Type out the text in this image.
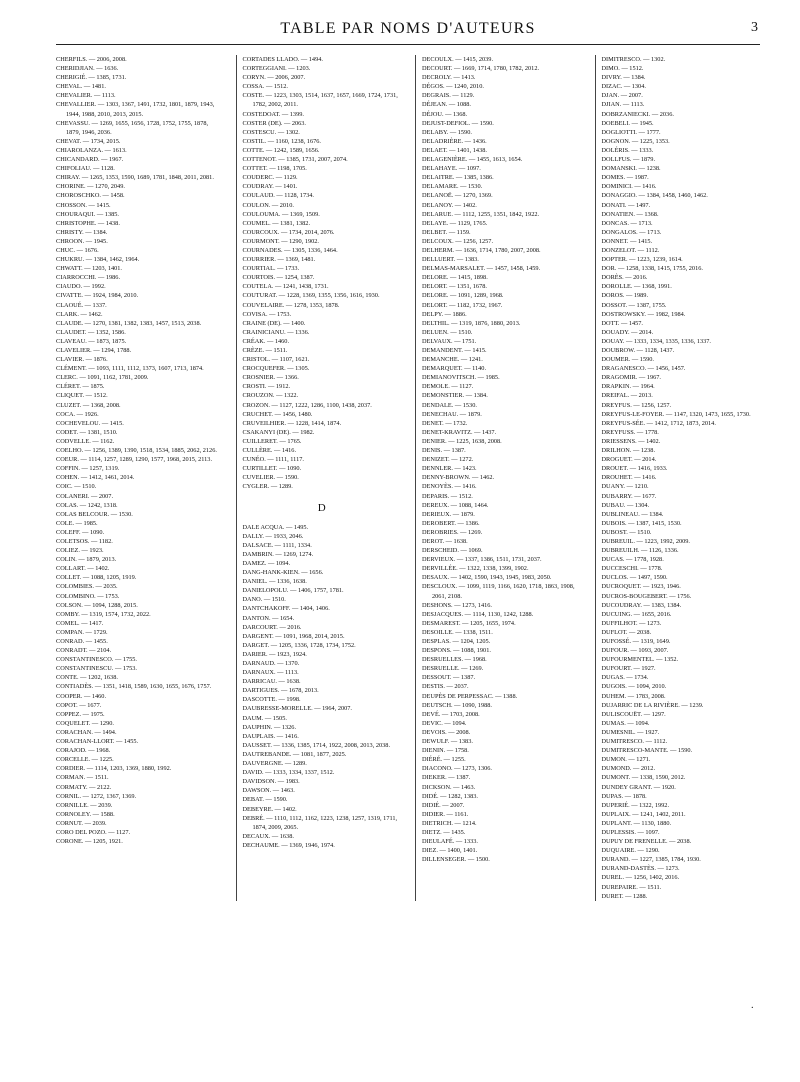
TABLE PAR NOMS D'AUTEURS	3

CHERFILS. — 2006, 2008.

CHERIDJIAN. — 1636.

CHERIGIÉ. — 1385, 1731.

CHEVAL. — 1481.

CHEVALIER. — 1113.

CHEVALLIER. — 1303, 1367, 1491, 1732, 1801, 1879, 1943, 1944, 1988, 2010, 2013, 2015.

CHEVASSU. — 1269, 1655, 1656, 1728, 1752, 1755, 1878, 1879, 1946, 2036.

CHEVAT. — 1734, 2015.

CHIAROLANZA. — 1613.

CHICANDARD. — 1967.

CHIFOLIAU. — 1128.

CHIRAY. — 1265, 1353, 1590, 1689, 1781, 1848, 2011, 2081.

CHORINE. — 1270, 2049.

CHOROSCHKO. — 1458.

CHOSSON. — 1415.

CHOURAQUI. — 1385.

CHRISTOPHE. — 1438.

CHRISTY. — 1384.

CHROON. — 1945.

CHUC. — 1676.

CHUKRU. — 1384, 1462, 1964.

CHWATT. — 1203, 1401.

CIARROCCHI. — 1986.

CIAUDO. — 1992.

CIVATTE. — 1924, 1984, 2010.

CLAOUÉ. — 1337.

CLARK. — 1462.

CLAUDE. — 1270, 1381, 1382, 1383, 1457, 1513, 2038.

CLAUDET. — 1352, 1586.

CLAVEAU. — 1873, 1875.

CLAVELIER. — 1294, 1788.

CLAVIER. — 1876.

CLÉMENT. — 1093, 1111, 1112, 1373, 1607, 1713, 1874.

CLERC. — 1091, 1162, 1781, 2009.

CLÉRET. — 1875.

CLIQUET. — 1512.

CLUZET. — 1368, 2008.

COCA. — 1926.

COCHEVELOU. — 1415.

CODET. — 1381, 1510.

CODVELLE. — 1162.

COELHO. — 1256, 1389, 1390, 1518, 1534, 1885, 2062, 2126.

COEUR. — 1114, 1257, 1289, 1290, 1577, 1968, 2015, 2113.

COFFIN. — 1257, 1319.

COHEN. — 1412, 1461, 2014.

COIC. — 1510.

COLANERI. — 2007.

COLAS. — 1242, 1318.

COLAS BELCOUR. — 1530.

COLE. — 1985.

COLEFF. — 1090.

COLETSOS. — 1182.

COLIEZ. — 1923.

COLIN. — 1879, 2013.

COLLART. — 1402.

COLLET. — 1088, 1205, 1919.

COLOMBIES. — 2035.

COLOMBINO. — 1753.

COLSON. — 1094, 1288, 2015.

COMBY. — 1319, 1574, 1732, 2022.

COMEL. — 1417.

COMPAN. — 1729.

CONRAD. — 1455.

CONRADT. — 2104.

CONSTANTINESCO. — 1755.

CONSTANTINESCU. — 1753.

CONTE. — 1202, 1638.

CONTIADÈS. — 1351, 1418, 1589, 1630, 1655, 1676, 1757.

COOPER. — 1460.

COPOT. — 1677.

COPPEZ. — 1975.

COQUELET. — 1290.

CORACHAN. — 1494.

CORACHAN-LLORT. — 1455.

CORAJOD. — 1968.

CORCELLE. — 1225.

CORDIER. — 1114, 1203, 1369, 1880, 1992.

CORMAN. — 1511.

CORMATY. — 2122.

CORNIL. — 1272, 1367, 1369.

CORNILLE. — 2039.

CORNOLEY. — 1588.

CORNUT. — 2039.

CORO DEL POZO. — 1127.

CORONE. — 1205, 1921.

CORTADES LLADO. — 1494.

CORTEGGIANI. — 1203.

CORYN. — 2006, 2007.

COSSA. — 1512.

COSTE. — 1223, 1303, 1514, 1637, 1657, 1669, 1724, 1731, 1782, 2002, 2011.

COSTEDOAT. — 1399.

COSTER (DE). — 2063.

COSTESCU. — 1302.

COSTIL. — 1160, 1238, 1676.

COTTE. — 1242, 1589, 1656.

COTTENOT. — 1385, 1731, 2007, 2074.

COTTET. — 1198, 1705.

COUDERC. — 1129.

COUDRAY. — 1401.

COULAUD. — 1128, 1734.

COULON. — 2010.

COULOUMA. — 1369, 1509.

COUMEL. — 1381, 1382.

COURCOUX. — 1734, 2014, 2076.

COURMONT. — 1290, 1902.

COURNADES. — 1305, 1336, 1464.

COURRIER. — 1369, 1481.

COURTIAL. — 1733.

COURTOIS. — 1254, 1387.

COUTELA. — 1241, 1438, 1731.

COUTURAT. — 1228, 1369, 1355, 1356, 1616, 1930.

COUVELAIRE. — 1278, 1353, 1878.

COVISA. — 1753.

CRAINE (DE). — 1400.

CRAINICIANU. — 1336.

CRÉAK. — 1460.

CRÈZE. — 1511.

CRISTOL. — 1107, 1621.

CROCQUEFER. — 1305.

CROSNIER. — 1366.

CROSTI. — 1912.

CROUZON. — 1322.

CROZON. — 1127, 1222, 1286, 1100, 1438, 2037.

CRUCHET. — 1456, 1480.

CRUVEILHIER. — 1228, 1414, 1874.

CSAKANYI (DE). — 1982.

CUILLERET. — 1765.

CULLÈRE. — 1416.

CUNÉO. — 1111, 1117.

CURTILLET. — 1090.

CUVELIER. — 1590.

CYGLER. — 1289.

D

DALE ACQUA. — 1495.

DALLY. — 1933, 2046.

DALSACE. — 1111, 1334.

DAMBRIN. — 1269, 1274.

DAMEZ. — 1094.

DANG-HANK-KIEN. — 1656.

DANIEL. — 1336, 1638.

DANIELOPOLU. — 1406, 1757, 1781.

DANO. — 1510.

DANTCHAKOFF. — 1404, 1406.

DANTON. — 1654.

DARCOURT. — 2016.

DARGENT. — 1091, 1968, 2014, 2015.

DARGET. — 1205, 1336, 1728, 1734, 1752.

DARIER. — 1923, 1924.

DARNAUD. — 1370.

DARNAUX. — 1113.

DARRICAU. — 1638.

DARTIGUES. — 1678, 2013.

DASCOTTE. — 1998.

DAUBRESSE-MORELLE. — 1964, 2007.

DAUM. — 1505.

DAUPHIN. — 1326.

DAUPLAIS. — 1416.

DAUSSET. — 1336, 1385, 1714, 1922, 2008, 2013, 2038.

DAUTREBANDE. — 1081, 1877, 2025.

DAUVERGNE. — 1289.

DAVID. — 1333, 1334, 1337, 1512.

DAVIDSON. — 1983.

DAWSON. — 1463.

DEBAT. — 1590.

DEBEYRE. — 1402.

DEBRÉ. — 1110, 1112, 1162, 1223, 1238, 1257, 1319, 1711, 1874, 2009, 2065.

DECAUX. — 1638.

DECHAUME. — 1369, 1946, 1974.

DECOULX. — 1415, 2039.

DECOURT. — 1669, 1714, 1780, 1782, 2012.

DECROLY. — 1413.

DÉGOS. — 1240, 2010.

DEGRAIS. — 1129.

DÉJEAN. — 1088.

DÉJOU. — 1368.

DEJUST-DEFIOL. — 1590.

DELABY. — 1590.

DELADRIÈRE. — 1436.

DELAET. — 1401, 1438.

DELAGENIÈRE. — 1455, 1613, 1654.

DELAHAYE. — 1097.

DELAITRE. — 1385, 1386.

DELAMARE. — 1530.

DELANOË. — 1270, 1369.

DELANOY. — 1402.

DELARUE. — 1112, 1255, 1351, 1842, 1922.

DELAYE. — 1129, 1765.

DELBET. — 1159.

DELCOUX. — 1256, 1257.

DELHERM. — 1636, 1714, 1780, 2007, 2008.

DELLUERT. — 1383.

DELMAS-MARSALET. — 1457, 1458, 1459.

DELORE. — 1415, 1898.

DELORT. — 1351, 1678.

DELORE. — 1091, 1289, 1968.

DELORT. — 1182, 1732, 1967.

DELPY. — 1886.

DELTHIL. — 1319, 1876, 1880, 2013.

DELUEN. — 1510.

DELVAUX. — 1751.

DEMANDENT. — 1415.

DEMANCHE. — 1241.

DEMARQUET. — 1140.

DEMIANOVITSCH. — 1985.

DEMOLE. — 1127.

DEMONSTIER. — 1384.

DENDALE. — 1530.

DENECHAU. — 1879.

DENET. — 1732.

DENET-KRAVITZ. — 1437.

DENIER. — 1225, 1638, 2008.

DENIS. — 1387.

DENIZET. — 1272.

DENNLER. — 1423.

DENNY-BROWN. — 1462.

DENOYÈS. — 1416.

DEPARIS. — 1512.

DEREUX. — 1088, 1464.

DERIEUX. — 1879.

DEROBERT. — 1386.

DEROBRIES. — 1269.

DEROT. — 1638.

DERSCHEID. — 1069.

DERVIEUX. — 1337, 1386, 1511, 1731, 2037.

DERVILLÉE. — 1322, 1338, 1399, 1902.

DESAUX. — 1402, 1590, 1943, 1945, 1983, 2050.

DESCLOUX. — 1099, 1119, 1166, 1620, 1718, 1863, 1908, 2061, 2108.

DESHONS. — 1273, 1416.

DESJACQUES. — 1114, 1130, 1242, 1288.

DESMAREST. — 1205, 1655, 1974.

DESOILLE. — 1338, 1511.

DESPLAS. — 1204, 1205.

DESPONS. — 1088, 1901.

DESRUELLES. — 1968.

DESRUELLE. — 1269.

DESSOUT. — 1387.

DESTIS. — 2037.

DEUPÈS DE PERPESSAC. — 1388.

DEUTSCH. — 1090, 1988.

DEVÉ. — 1703, 2008.

DEVIC. — 1094.

DEVOIS. — 2008.

DEWULF. — 1383.

DIENIN. — 1758.

DIÉRÉ. — 1255.

DIACONO. — 1273, 1306.

DIEKER. — 1387.

DICKSON. — 1463.

DIDÉ. — 1282, 1383.

DIDIÉ. — 2007.

DIDIER. — 1161.

DIETRICH. — 1214.

DIETZ. — 1435.

DIEULAFÉ. — 1333.

DIEZ. — 1400, 1401.

DILLENSEGER. — 1500.

DIMITRESCO. — 1302.

DIMO. — 1512.

DIVRY. — 1384.

DIZAC. — 1304.

DJAN. — 2007.

DJIAN. — 1113.

DOBRZANIECKI. — 2036.

DOEBELI. — 1945.

DOGLIOTTI. — 1777.

DOGNON. — 1225, 1353.

DOLÉRIS. — 1333.

DOLLFUS. — 1879.

DOMANSKI. — 1238.

DOMES. — 1987.

DOMINICI. — 1416.

DONAGGIO. — 1384, 1458, 1460, 1462.

DONATI. — 1497.

DONATIEN. — 1368.

DONCAS. — 1713.

DONGALOS. — 1713.

DONNET. — 1415.

DONZELOT. — 1112.

DOPTER. — 1223, 1239, 1614.

DOR. — 1258, 1338, 1415, 1755, 2016.

DORÈS. — 2016.

DOROLLE. — 1368, 1991.

DOROS. — 1989.

DOSSOT. — 1387, 1755.

DOSTROWSKY. — 1982, 1984.

DOTT. — 1457.

DOUADY. — 2014.

DOUAY. — 1333, 1334, 1335, 1336, 1337.

DOUBROW. — 1128, 1437.

DOUMER. — 1590.

DRAGANESCO. — 1456, 1457.

DRAGOMIR. — 1967.

DRAPKIN. — 1964.

DREIFAL. — 2013.

DREYFUS. — 1256, 1257.

DREYFUS-LE-FOYER. — 1147, 1320, 1473, 1655, 1730.

DREYFUS-SÉE. — 1412, 1712, 1873, 2014.

DREYFUSS. — 1778.

DRIESSENS. — 1402.

DRILHON. — 1238.

DROGUET. — 2014.

DROUET. — 1416, 1933.

DROUHET. — 1416.

DUANY. — 1210.

DUBARRY. — 1677.

DUBAU. — 1304.

DUBLINEAU. — 1384.

DUBOIS. — 1387, 1415, 1530.

DUBOST. — 1510.

DUBREUIL. — 1223, 1992, 2009.

DUBREUILH. — 1126, 1336.

DUCAS. — 1778, 1928.

DUCCESCHI. — 1778.

DUCLOS. — 1497, 1590.

DUCROQUET. — 1923, 1946.

DUCROS-BOUGEBERT. — 1756.

DUCOUDRAY. — 1383, 1384.

DUCUING. — 1655, 2016.

DUFFILHOT. — 1273.

DUFLOT. — 2038.

DUFOSSÉ. — 1319, 1649.

DUFOUR. — 1093, 2007.

DUFOURMENTEL. — 1352.

DUFOURT. — 1927.

DUGAS. — 1734.

DUGOIS. — 1094, 2010.

DUHEM. — 1783, 2008.

DUJARRIC DE LA RIVIÈRE. — 1239.

DULISCOUËT. — 1297.

DUMAS. — 1094.

DUMESNIL. — 1927.

DUMITRESCO. — 1112.

DUMITRESCO-MANTE. — 1590.

DUMON. — 1271.

DUMOND. — 2012.

DUMONT. — 1338, 1590, 2012.

DUNDEY GRANT. — 1920.

DUPAS. — 1878.

DUPERIÉ. — 1322, 1992.

DUPLAIX. — 1241, 1402, 2011.

DUPLANT. — 1130, 1880.

DUPLESSIS. — 1097.

DUPUY DE FRENELLE. — 2038.

DUQUAIRE. — 1290.

DURAND. — 1227, 1385, 1784, 1930.

DURAND-DASTÈS. — 1273.

DUREL. — 1256, 1402, 2016.

DUREPAIRE. — 1511.

DURET. — 1288.

·
